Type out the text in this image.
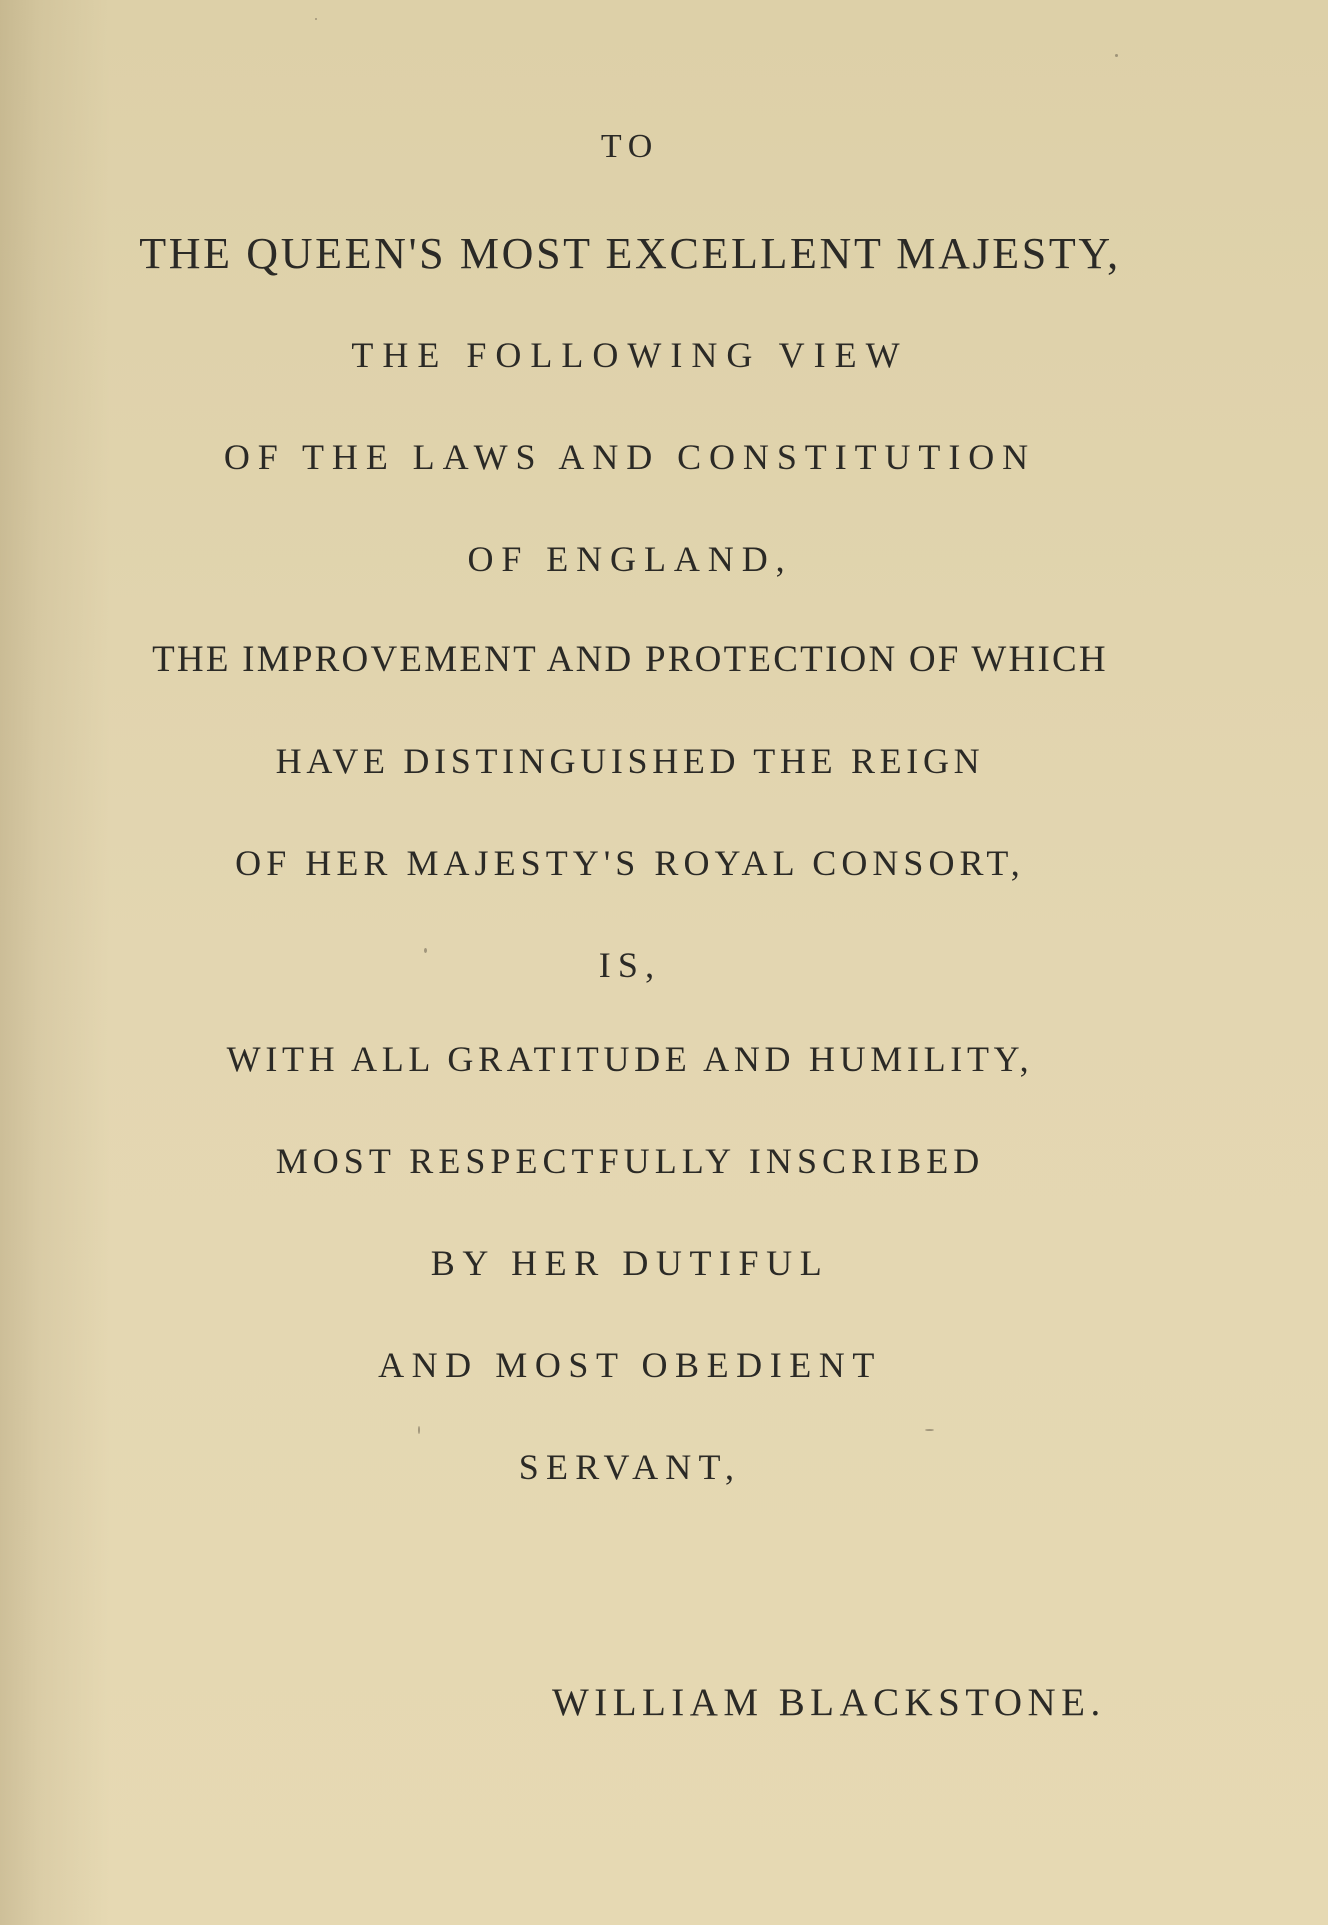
TO
THE QUEEN'S MOST EXCELLENT MAJESTY,
THE FOLLOWING VIEW
OF THE LAWS AND CONSTITUTION
OF ENGLAND,
THE IMPROVEMENT AND PROTECTION OF WHICH
HAVE DISTINGUISHED THE REIGN
OF HER MAJESTY'S ROYAL CONSORT,
IS,
WITH ALL GRATITUDE AND HUMILITY,
MOST RESPECTFULLY INSCRIBED
BY HER DUTIFUL
AND MOST OBEDIENT
SERVANT,
WILLIAM BLACKSTONE.
